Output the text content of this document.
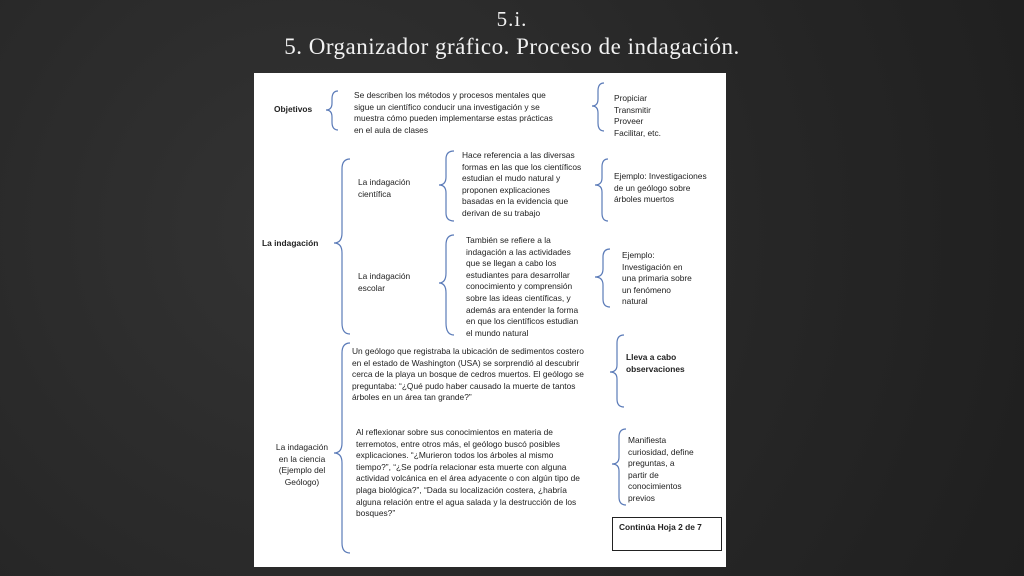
5.i.
5. Organizador gráfico. Proceso de indagación.
Objetivos
Se describen los métodos y procesos mentales que
sigue un científico conducir una investigación y se
muestra cómo pueden implementarse estas prácticas
en el aula de clases
Propiciar
Transmitir
Proveer
Facilitar, etc.
La indagación
La indagación
científica
Hace referencia a las diversas
formas en las que los científicos
estudian el mudo natural y
proponen explicaciones
basadas en la evidencia que
derivan de su trabajo
Ejemplo: Investigaciones
de un geólogo sobre
árboles muertos
La indagación
escolar
También se refiere a la
indagación a las actividades
que se llegan a cabo los
estudiantes para desarrollar
conocimiento y comprensión
sobre las ideas científicas, y
además ara entender la forma
en que los científicos estudian
el mundo natural
Ejemplo:
Investigación en
una primaria sobre
un fenómeno
natural
La indagación
en la ciencia
(Ejemplo del
Geólogo)
Un geólogo que registraba la ubicación de sedimentos costero
en el estado de Washington (USA) se sorprendió al descubrir
cerca de la playa un bosque de cedros muertos. El geólogo se
preguntaba: “¿Qué pudo haber causado la muerte de tantos
árboles en un área tan grande?”
Lleva a cabo
observaciones
Al reflexionar sobre sus conocimientos en materia de
terremotos, entre otros más, el geólogo buscó posibles
explicaciones. “¿Murieron todos los árboles al mismo
tiempo?”, “¿Se podría relacionar esta muerte con alguna
actividad volcánica en el área adyacente o con algún tipo de
plaga biológica?”, “Dada su localización costera, ¿habría
alguna relación entre el agua salada y la destrucción de los
bosques?”
Manifiesta
curiosidad, define
preguntas, a
partir de
conocimientos
previos
Continúa Hoja 2 de 7
